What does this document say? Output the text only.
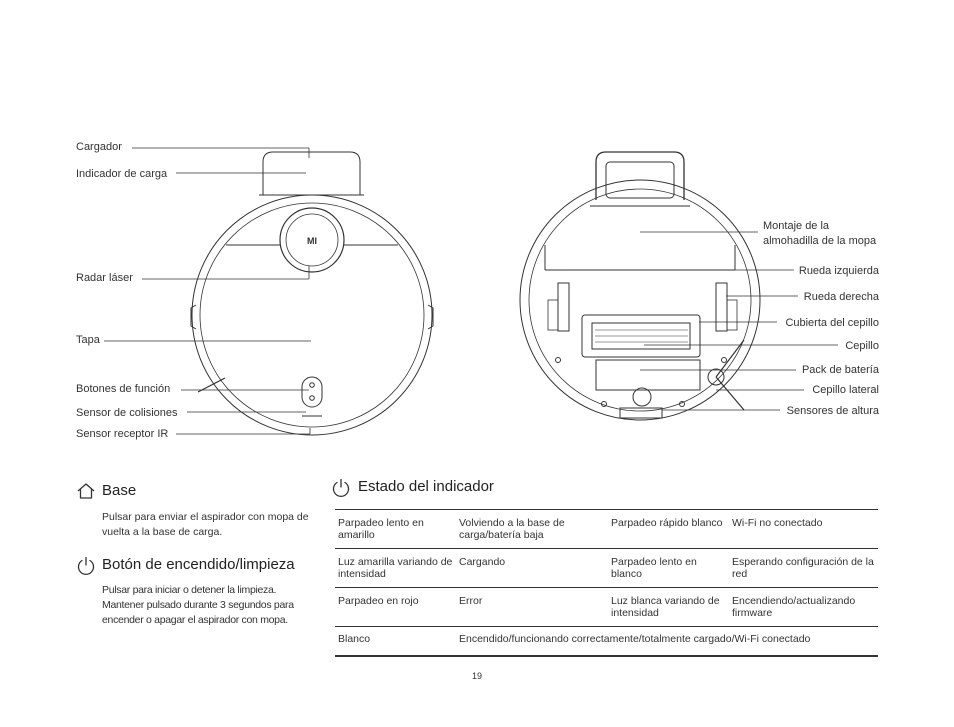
MI
Cargador
Indicador de carga
Radar láser
Tapa
Botones de función
Sensor de colisiones
Sensor receptor IR
Montaje de la
almohadilla de la mopa
Rueda izquierda
Rueda derecha
Cubierta del cepillo
Cepillo
Pack de batería
Cepillo lateral
Sensores de altura
Base
Pulsar para enviar el aspirador con mopa de vuelta a la base de carga.
Botón de encendido/limpieza
Pulsar para iniciar o detener la limpieza. Mantener pulsado durante 3 segundos para encender o apagar el aspirador con mopa.
Estado del indicador
Parpadeo lento en amarillo	Volviendo a la base de carga/batería baja	Parpadeo rápido blanco	Wi-Fi no conectado
Luz amarilla variando de intensidad	Cargando	Parpadeo lento en blanco	Esperando configuración de la red
Parpadeo en rojo	Error	Luz blanca variando de intensidad	Encendiendo/actualizando firmware
Blanco	Encendido/funcionando correctamente/totalmente cargado/Wi-Fi conectado		
19
